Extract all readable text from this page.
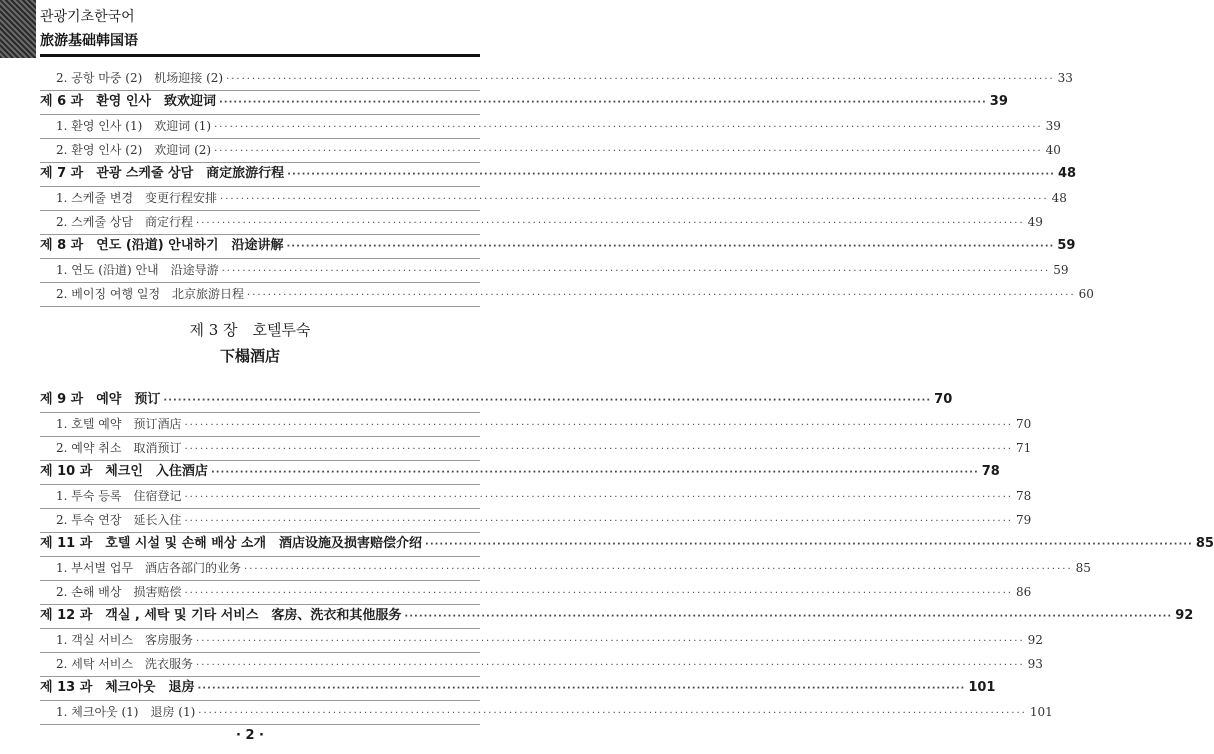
관광기초한국어
旅游基础韩国语
2. 공항 마중 (2)　机场迎接 (2) ································································································································································ 33
제 6 과　환영 인사　致欢迎词 ································································································································································ 39
1. 환영 인사 (1)　欢迎词 (1) ································································································································································ 39
2. 환영 인사 (2)　欢迎词 (2) ································································································································································ 40
제 7 과　관광 스케줄 상담　商定旅游行程 ································································································································································ 48
1. 스케줄 변경　变更行程安排 ································································································································································ 48
2. 스케줄 상담　商定行程 ································································································································································ 49
제 8 과　연도 (沿道) 안내하기　沿途讲解 ································································································································································ 59
1. 연도 (沿道) 안내　沿途导游 ································································································································································ 59
2. 베이징 여행 일정　北京旅游日程 ································································································································································ 60
제 9 과　예약　预订 ································································································································································ 70
1. 호텔 예약　预订酒店 ································································································································································ 70
2. 예약 취소　取消预订 ································································································································································ 71
제 10 과　체크인　入住酒店 ································································································································································ 78
1. 투숙 등록　住宿登记 ································································································································································ 78
2. 투숙 연장　延长入住 ································································································································································ 79
제 11 과　호텔 시설 및 손해 배상 소개　酒店设施及损害赔偿介绍 ································································································································································ 85
1. 부서별 업무　酒店各部门的业务 ································································································································································ 85
2. 손해 배상　损害赔偿 ································································································································································ 86
제 12 과　객실 , 세탁 및 기타 서비스　客房、洗衣和其他服务 ································································································································································ 92
1. 객실 서비스　客房服务 ································································································································································ 92
2. 세탁 서비스　洗衣服务 ································································································································································ 93
제 13 과　체크아웃　退房 ································································································································································ 101
1. 체크아웃 (1)　退房 (1) ································································································································································ 101
제 3 장　호텔투숙
下榻酒店
· 2 ·
